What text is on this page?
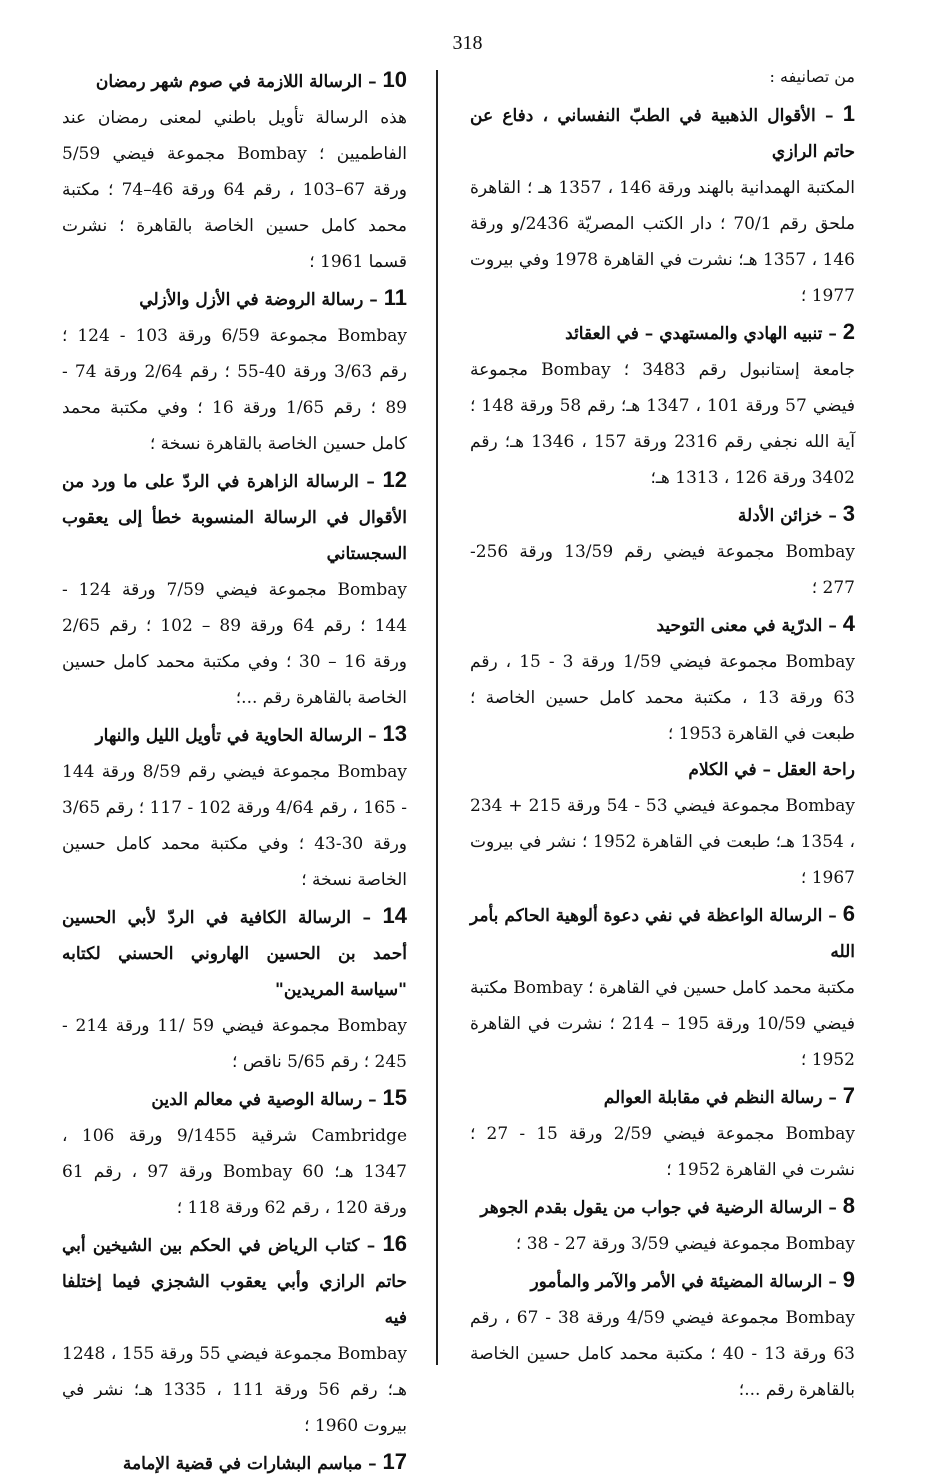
318

من تصانيفه :

1 – الأقوال الذهبية في الطبّ النفساني ، دفاع عن حاتم الرازي

المكتبة الهمدانية بالهند ورقة 146 ، 1357 هـ ؛ القاهرة ملحق رقم 70/1 ؛ دار الكتب المصريّة 2436/و ورقة 146 ، 1357 هـ؛ نشرت في القاهرة 1978 وفي بيروت 1977 ؛

2 – تنبيه الهادي والمستهدي – في العقائد

جامعة إستانبول رقم 3483 ؛ Bombay مجموعة فيضي 57 ورقة 101 ، 1347 هـ؛ رقم 58 ورقة 148 ؛ آية الله نجفي رقم 2316 ورقة 157 ، 1346 هـ؛ رقم 3402 ورقة 126 ، 1313 هـ؛

3 – خزائن الأدلة

Bombay مجموعة فيضي رقم 13/59 ورقة 256- 277 ؛

4 – الدرّية في معنى التوحيد

Bombay مجموعة فيضي 1/59 ورقة 3 - 15 ، رقم 63 ورقة 13 ، مكتبة محمد كامل حسين الخاصة ؛ طبعت في القاهرة 1953 ؛

راحة العقل – في الكلام

Bombay مجموعة فيضي 53 - 54 ورقة 215 + 234 ، 1354 هـ؛ طبعت في القاهرة 1952 ؛ نشر في بيروت 1967 ؛

6 – الرسالة الواعظة في نفي دعوة ألوهية الحاكم بأمر الله

مكتبة محمد كامل حسين في القاهرة ؛ Bombay مكتبة فيضي 10/59 ورقة 195 – 214 ؛ نشرت في القاهرة 1952 ؛

7 – رسالة النظم في مقابلة العوالم

Bombay مجموعة فيضي 2/59 ورقة 15 - 27 ؛ نشرت في القاهرة 1952 ؛

8 – الرسالة الرضية في جواب من يقول بقدم الجوهر

Bombay مجموعة فيضي 3/59 ورقة 27 - 38 ؛

9 – الرسالة المضيئة في الأمر والآمر والمأمور

Bombay مجموعة فيضي 4/59 ورقة 38 - 67 ، رقم 63 ورقة 13 - 40 ؛ مكتبة محمد كامل حسين الخاصة بالقاهرة رقم ...؛

10 – الرسالة اللازمة في صوم شهر رمضان

هذه الرسالة تأويل باطني لمعنى رمضان عند الفاطميين ؛ Bombay مجموعة فيضي 5/59 ورقة 67–103 ، رقم 64 ورقة 46–74 ؛ مكتبة محمد كامل حسين الخاصة بالقاهرة ؛ نشرت قسما 1961 ؛

11 – رسالة الروضة في الأزل والأزلي

Bombay مجموعة 6/59 ورقة 103 - 124 ؛ رقم 3/63 ورقة 40-55 ؛ رقم 2/64 ورقة 74 - 89 ؛ رقم 1/65 ورقة 16 ؛ وفي مكتبة محمد كامل حسين الخاصة بالقاهرة نسخة ؛

12 – الرسالة الزاهرة في الردّ على ما ورد من الأقوال في الرسالة المنسوبة خطأ إلى يعقوب السجستاني

Bombay مجموعة فيضي 7/59 ورقة 124 - 144 ؛ رقم 64 ورقة 89 – 102 ؛ رقم 2/65 ورقة 16 – 30 ؛ وفي مكتبة محمد كامل حسين الخاصة بالقاهرة رقم ...؛

13 – الرسالة الحاوية في تأويل الليل والنهار

Bombay مجموعة فيضي رقم 8/59 ورقة 144 - 165 ، رقم 4/64 ورقة 102 - 117 ؛ رقم 3/65 ورقة 30-43 ؛ وفي مكتبة محمد كامل حسين الخاصة نسخة ؛

14 – الرسالة الكافية في الردّ لأبي الحسين أحمد بن الحسين الهاروني الحسني لكتابه "سياسة المريدين"

Bombay مجموعة فيضي 59 /11 ورقة 214 - 245 ؛ رقم 5/65 ناقص ؛

15 – رسالة الوصية في معالم الدين

Cambridge شرقية 9/1455 ورقة 106 ، 1347 هـ؛ Bombay 60 ورقة 97 ، رقم 61 ورقة 120 ، رقم 62 ورقة 118 ؛

16 – كتاب الرياض في الحكم بين الشيخين أبي حاتم الرازي وأبي يعقوب الشجزي فيما إختلفا فيه

Bombay مجموعة فيضي 55 ورقة 155 ، 1248 هـ؛ رقم 56 ورقة 111 ، 1335 هـ؛ نشر في بيروت 1960 ؛

17 – مباسم البشارات في قضية الإمامة
